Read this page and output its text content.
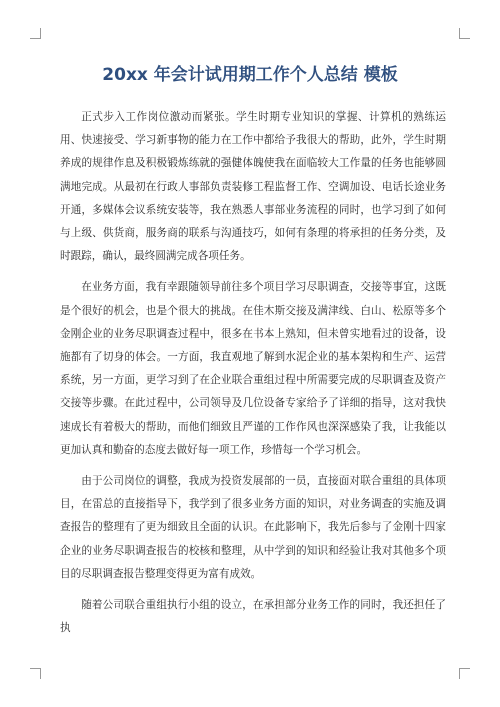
20xx 年会计试用期工作个人总结 模板

正式步入工作岗位激动而紧张。学生时期专业知识的掌握、计算机的熟练运用、快速接受、学习新事物的能力在工作中都给予我很大的帮助，此外，学生时期养成的规律作息及积极锻炼练就的强健体魄使我在面临较大工作量的任务也能够圆满地完成。从最初在行政人事部负责装修工程监督工作、空调加设、电话长途业务开通，多媒体会议系统安装等，我在熟悉人事部业务流程的同时，也学习到了如何与上级、供货商，服务商的联系与沟通技巧，如何有条理的将承担的任务分类，及时跟踪，确认，最终圆满完成各项任务。

在业务方面，我有幸跟随领导前往多个项目学习尽职调查，交接等事宜，这既是个很好的机会，也是个很大的挑战。在佳木斯交接及满津线、白山、松原等多个金刚企业的业务尽职调查过程中，很多在书本上熟知，但未曾实地看过的设备，设施都有了切身的体会。一方面，我直观地了解到水泥企业的基本架构和生产、运营系统，另一方面，更学习到了在企业联合重组过程中所需要完成的尽职调查及资产交接等步骤。在此过程中，公司领导及几位设备专家给予了详细的指导，这对我快速成长有着极大的帮助，而他们细致且严谨的工作作风也深深感染了我，让我能以更加认真和勤奋的态度去做好每一项工作，珍惜每一个学习机会。

由于公司岗位的调整，我成为投资发展部的一员，直接面对联合重组的具体项目，在雷总的直接指导下，我学到了很多业务方面的知识，对业务调查的实施及调查报告的整理有了更为细致且全面的认识。在此影响下，我先后参与了金刚十四家企业的业务尽职调查报告的校核和整理，从中学到的知识和经验让我对其他多个项目的尽职调查报告整理变得更为富有成效。

随着公司联合重组执行小组的设立，在承担部分业务工作的同时，我还担任了执
